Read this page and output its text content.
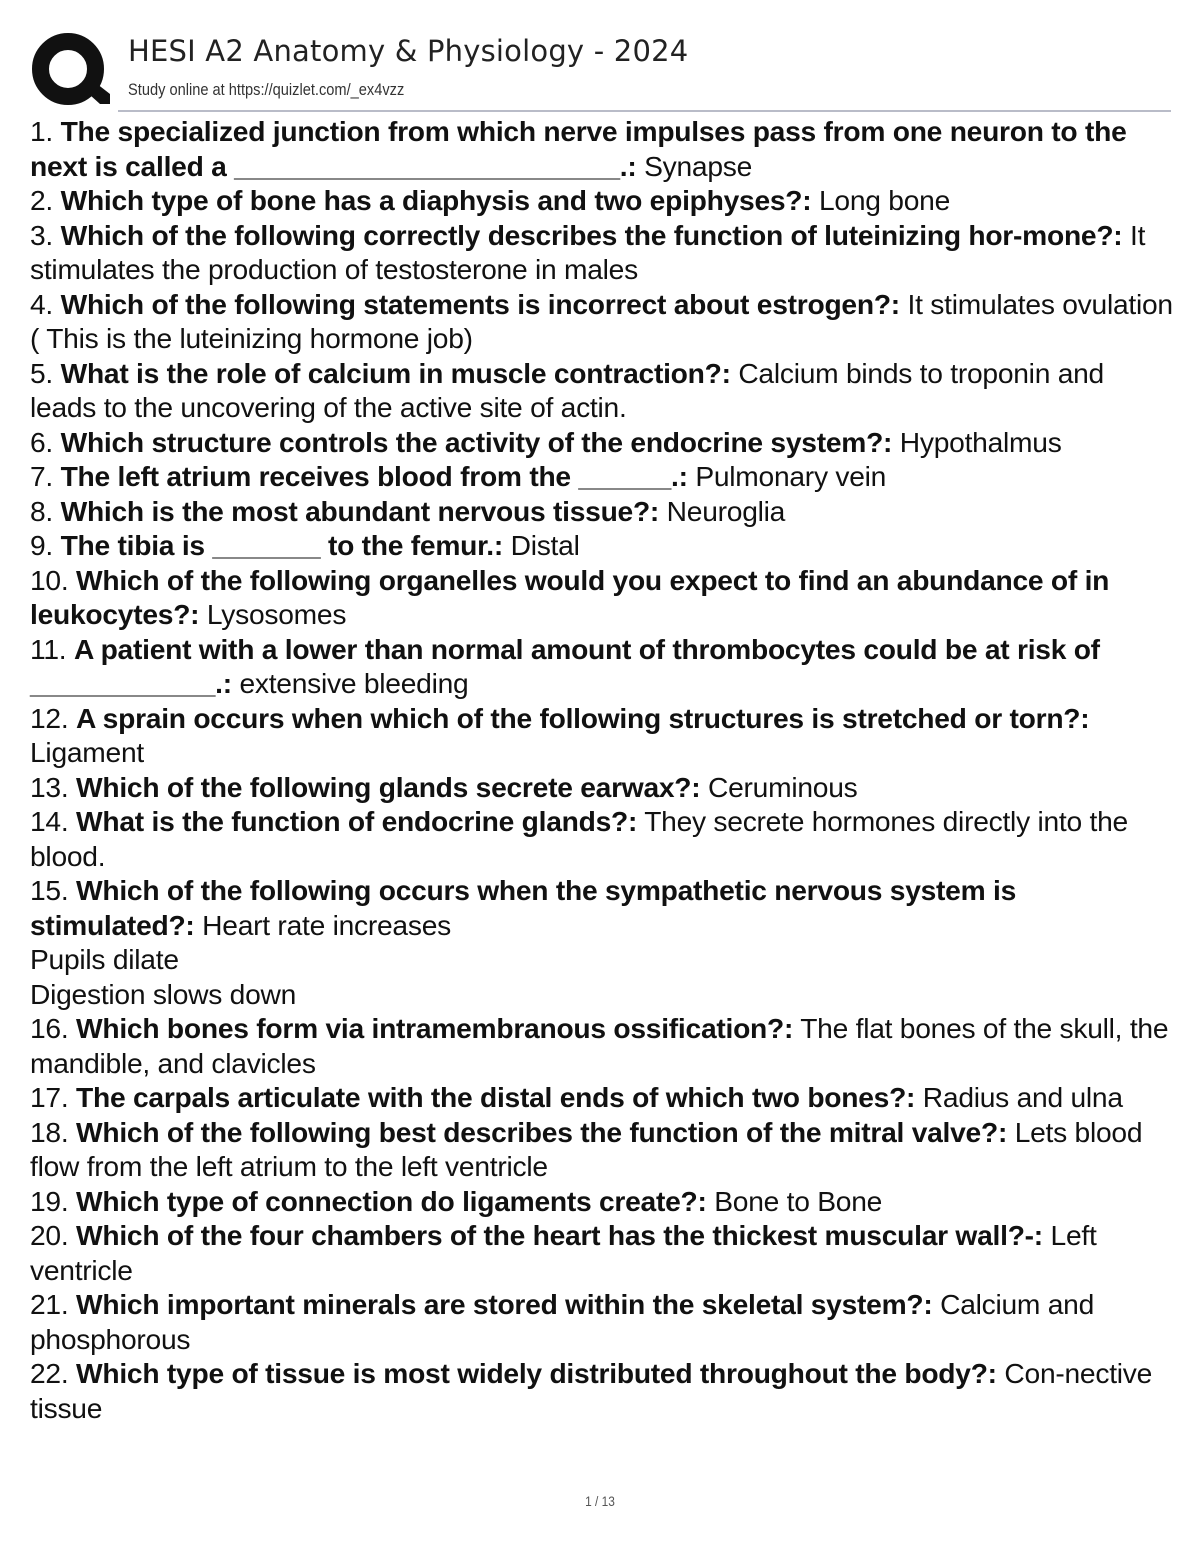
HESI A2 Anatomy & Physiology - 2024
Study online at https://quizlet.com/_ex4vzz
1. The specialized junction from which nerve impulses pass from one neuron to the next is called a _________________________.: Synapse
2. Which type of bone has a diaphysis and two epiphyses?: Long bone
3. Which of the following correctly describes the function of luteinizing hor-mone?: It stimulates the production of testosterone in males
4. Which of the following statements is incorrect about estrogen?: It stimulates ovulation ( This is the luteinizing hormone job)
5. What is the role of calcium in muscle contraction?: Calcium binds to troponin and leads to the uncovering of the active site of actin.
6. Which structure controls the activity of the endocrine system?: Hypothalmus
7. The left atrium receives blood from the ______.: Pulmonary vein
8. Which is the most abundant nervous tissue?: Neuroglia
9. The tibia is _______ to the femur.: Distal
10. Which of the following organelles would you expect to find an abundance of in leukocytes?: Lysosomes
11. A patient with a lower than normal amount of thrombocytes could be at risk of ____________.: extensive bleeding
12. A sprain occurs when which of the following structures is stretched or torn?: Ligament
13. Which of the following glands secrete earwax?: Ceruminous
14. What is the function of endocrine glands?: They secrete hormones directly into the blood.
15. Which of the following occurs when the sympathetic nervous system is stimulated?: Heart rate increases
Pupils dilate
Digestion slows down
16. Which bones form via intramembranous ossification?: The flat bones of the skull, the mandible, and clavicles
17. The carpals articulate with the distal ends of which two bones?: Radius and ulna
18. Which of the following best describes the function of the mitral valve?: Lets blood flow from the left atrium to the left ventricle
19. Which type of connection do ligaments create?: Bone to Bone
20. Which of the four chambers of the heart has the thickest muscular wall?-: Left ventricle
21. Which important minerals are stored within the skeletal system?: Calcium and phosphorous
22. Which type of tissue is most widely distributed throughout the body?: Con-nective tissue
1 / 13
